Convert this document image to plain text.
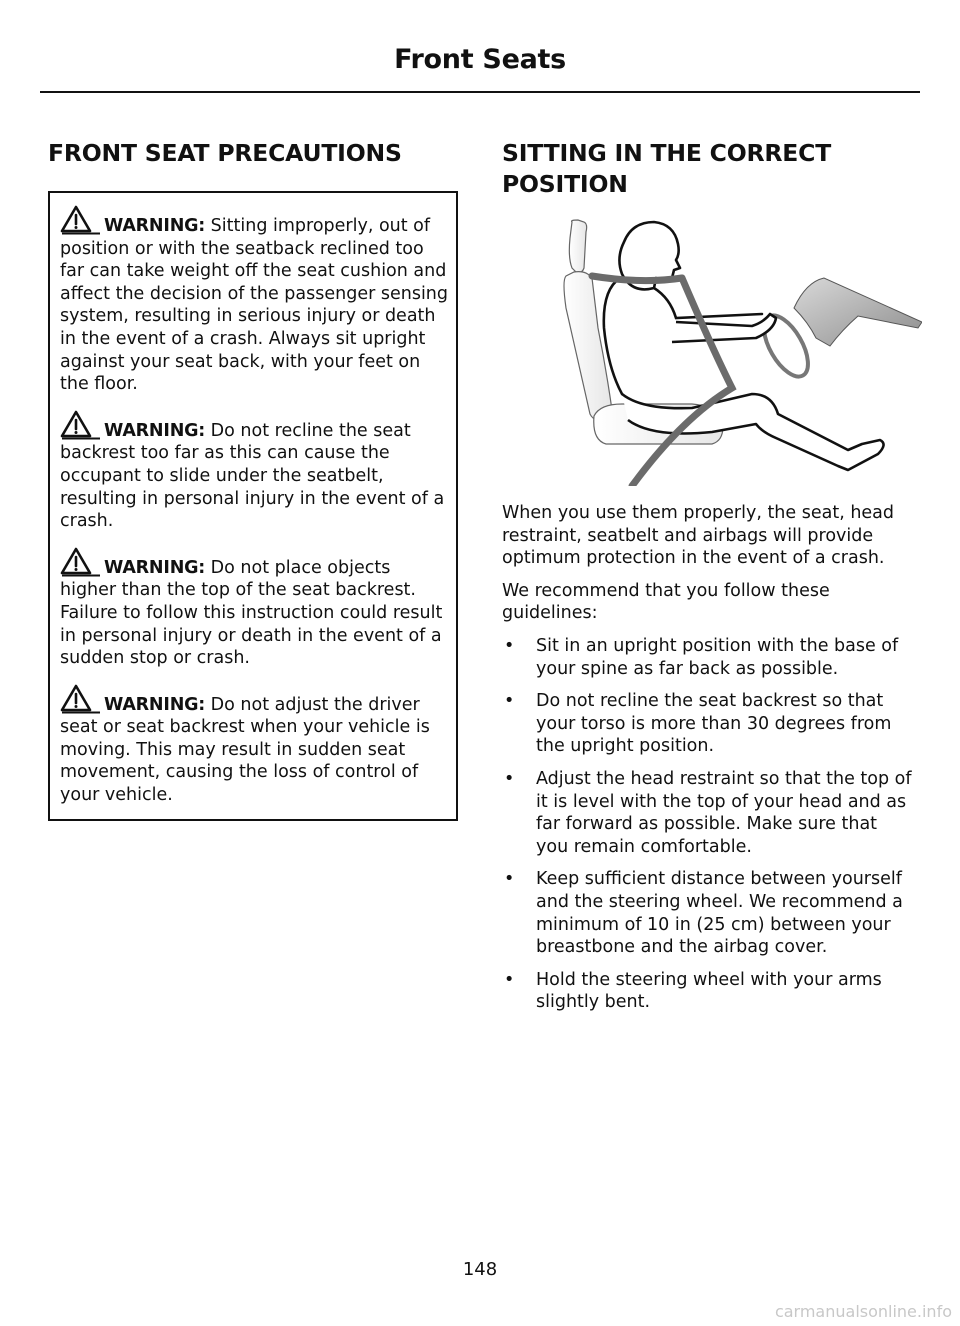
Front Seats
FRONT SEAT PRECAUTIONS

WARNING: Sitting improperly, out of position or with the seatback reclined too far can take weight off the seat cushion and affect the decision of the passenger sensing system, resulting in serious injury or death in the event of a crash. Always sit upright against your seat back, with your feet on the floor.

WARNING: Do not recline the seat backrest too far as this can cause the occupant to slide under the seatbelt, resulting in personal injury in the event of a crash.

WARNING: Do not place objects higher than the top of the seat backrest. Failure to follow this instruction could result in personal injury or death in the event of a sudden stop or crash.

WARNING: Do not adjust the driver seat or seat backrest when your vehicle is moving. This may result in sudden seat movement, causing the loss of control of your vehicle.

SITTING IN THE CORRECT
POSITION

When you use them properly, the seat, head restraint, seatbelt and airbags will provide optimum protection in the event of a crash.

We recommend that you follow these guidelines:

• Sit in an upright position with the base of your spine as far back as possible.
• Do not recline the seat backrest so that your torso is more than 30 degrees from the upright position.
• Adjust the head restraint so that the top of it is level with the top of your head and as far forward as possible. Make sure that you remain comfortable.
• Keep sufficient distance between yourself and the steering wheel. We recommend a minimum of 10 in (25 cm) between your breastbone and the airbag cover.
• Hold the steering wheel with your arms slightly bent.
148
carmanualsonline.info
